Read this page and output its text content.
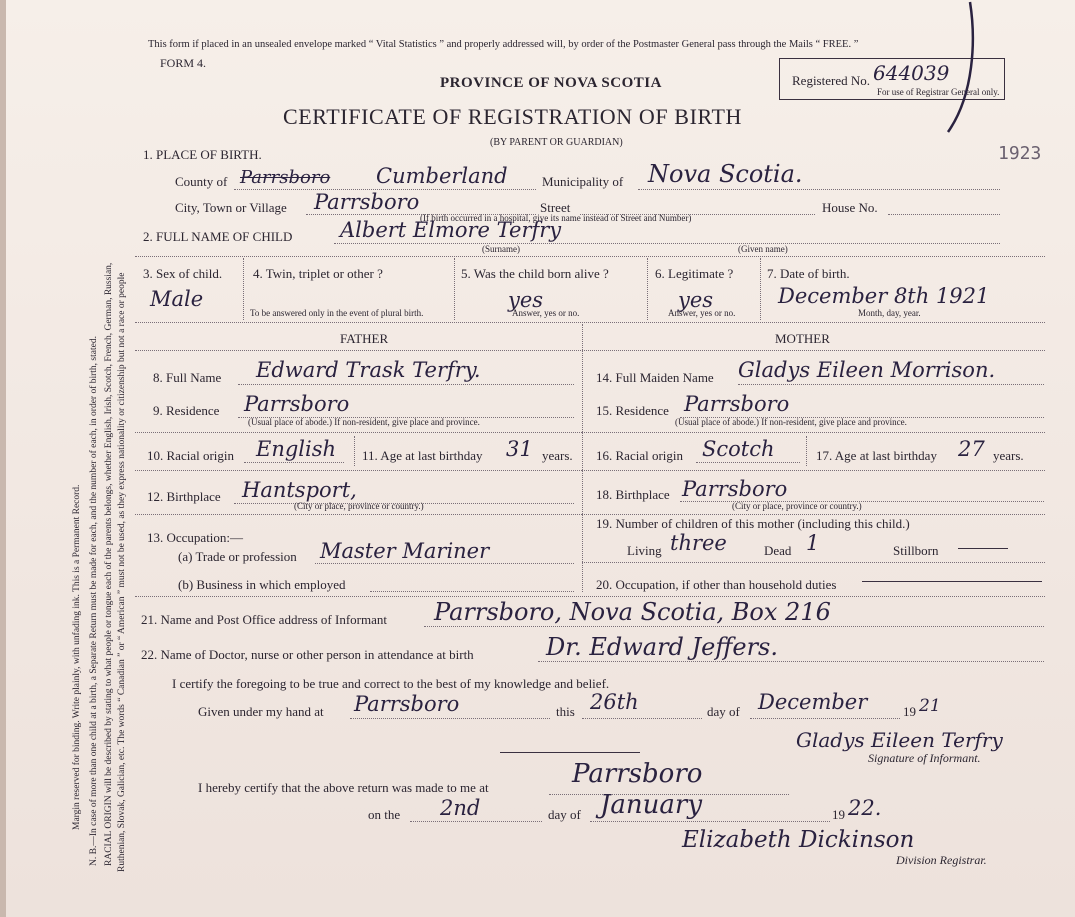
Margin reserved for binding. Write plainly, with unfading ink. This is a Permanent Record. N. B.—In case of more than one child at a birth, a Separate Return must be made for each, and the number of each, in order of birth, stated. RACIAL ORIGIN will be described by stating to what people or tongue each of the parents belongs, whether English, Irish, Scotch, French, German, Russian, Ruthenian, Slovak, Galician, etc. The words “ Canadian ” or “ American ” must not be used, as they express nationality or citizenship but not a race or people
This form if placed in an unsealed envelope marked “ Vital Statistics ” and properly addressed will, by order of the Postmaster General pass through the Mails “ FREE. ”
FORM 4.
PROVINCE OF NOVA SCOTIA
CERTIFICATE OF REGISTRATION OF BIRTH
(BY PARENT OR GUARDIAN)
Registered No. 644039
For use of Registrar General only.
1923
1. PLACE OF BIRTH.
County of Parrsboro Cumberland	Municipality of Nova Scotia.
City, Town or Village Parrsboro	Street	House No.
(If birth occurred in a hospital, give its name instead of Street and Number)
2. FULL NAME OF CHILD Albert Elmore Terfry
(Surname)	(Given name)
3. Sex of child.
Male
4. Twin, triplet or other ?
To be answered only in the event of plural birth.
5. Was the child born alive ?
yes
Answer, yes or no.
6. Legitimate ?
yes
Answer, yes or no.
7. Date of birth.
December 8th 1921
Month, day, year.
FATHER	MOTHER
8. Full Name Edward Trask Terfry.
9. Residence Parrsboro
(Usual place of abode.) If non-resident, give place and province.
10. Racial origin English 11. Age at last birthday 31 years.
12. Birthplace Hantsport,
(City or place, province or country.)
13. Occupation:—
(a) Trade or profession Master Mariner
(b) Business in which employed
14. Full Maiden Name Gladys Eileen Morrison.
15. Residence Parrsboro
(Usual place of abode.) If non-resident, give place and province.
16. Racial origin Scotch	17. Age at last birthday 27 years.
18. Birthplace Parrsboro
(City or place, province or country.)
19. Number of children of this mother (including this child.)
Living three	Dead 1	Stillborn
20. Occupation, if other than household duties
21. Name and Post Office address of Informant Parrsboro, Nova Scotia, Box 216
22. Name of Doctor, nurse or other person in attendance at birth	Dr. Edward Jeffers.
I certify the foregoing to be true and correct to the best of my knowledge and belief.
Given under my hand at Parrsboro	this 26th	day of December	19 21
Gladys Eileen Terfry
Signature of Informant.
I hereby certify that the above return was made to me at	Parrsboro
on the 2nd	day of January	19 22.
Elizabeth Dickinson
Division Registrar.
